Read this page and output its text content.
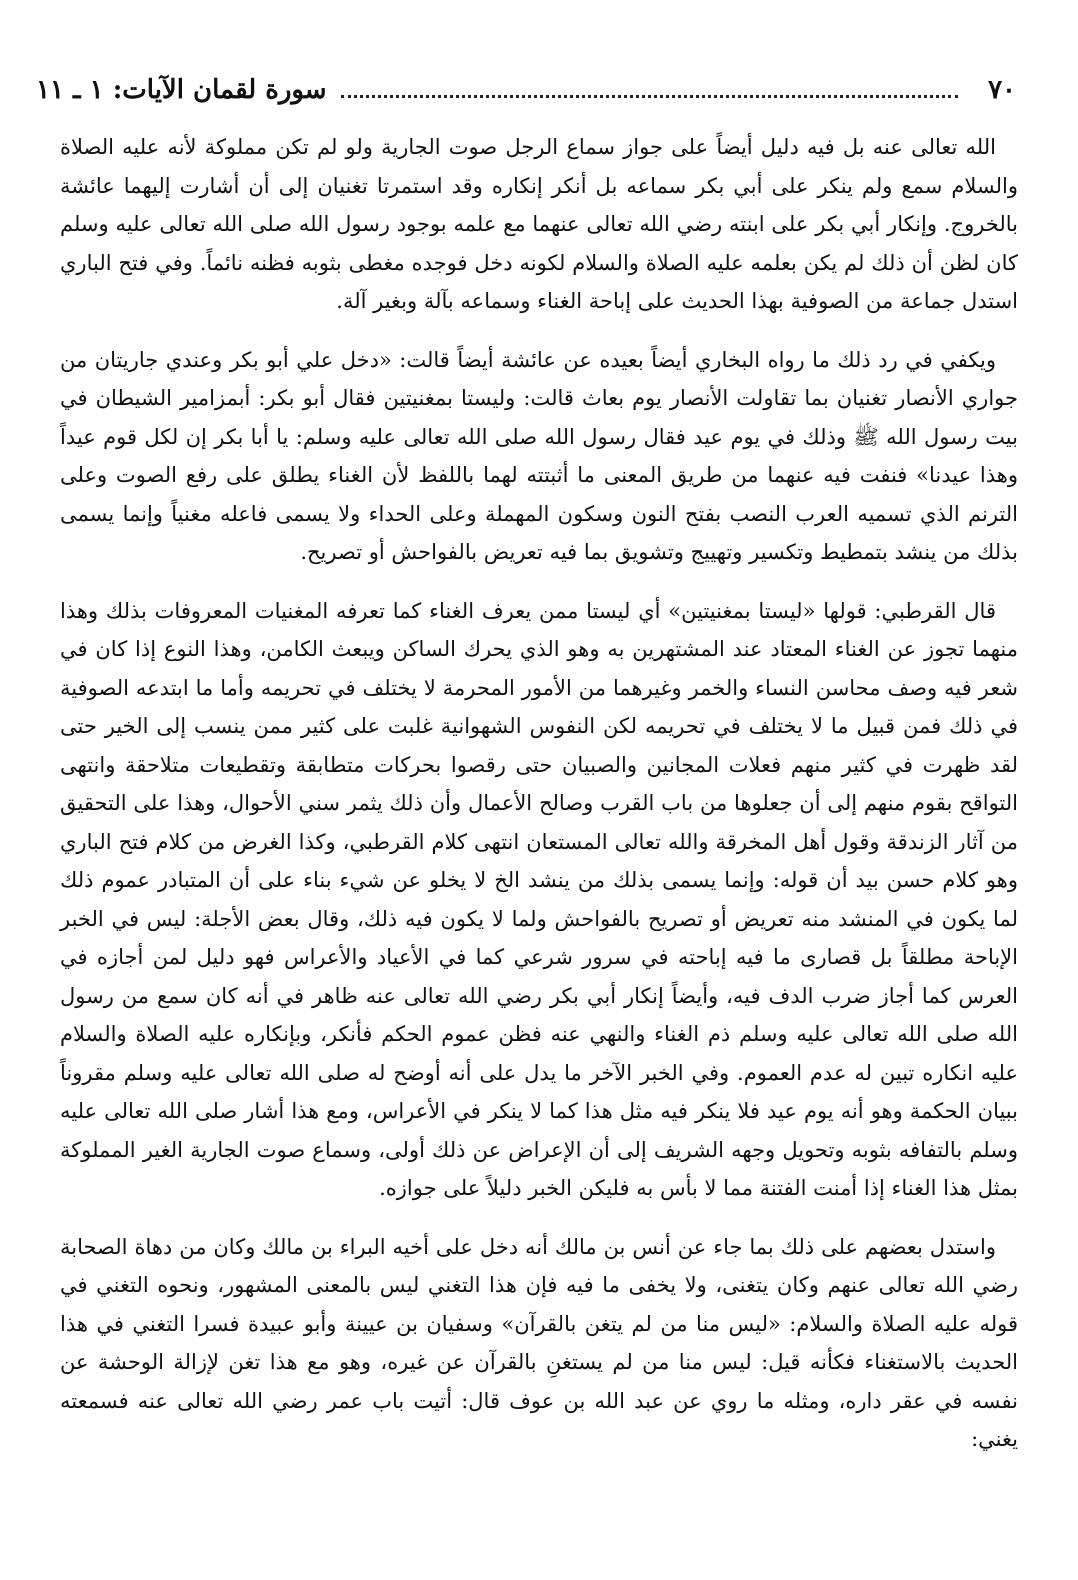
٧٠
سورة لقمان الآيات: ١ ـ ١١

الله تعالى عنه بل فيه دليل أيضاً على جواز سماع الرجل صوت الجارية ولو لم تكن مملوكة لأنه عليه الصلاة والسلام سمع ولم ينكر على أبي بكر سماعه بل أنكر إنكاره وقد استمرتا تغنيان إلى أن أشارت إليهما عائشة بالخروج. وإنكار أبي بكر على ابنته رضي الله تعالى عنهما مع علمه بوجود رسول الله صلى الله تعالى عليه وسلم كان لظن أن ذلك لم يكن بعلمه عليه الصلاة والسلام لكونه دخل فوجده مغطى بثوبه فظنه نائماً. وفي فتح الباري استدل جماعة من الصوفية بهذا الحديث على إباحة الغناء وسماعه بآلة وبغير آلة.

ويكفي في رد ذلك ما رواه البخاري أيضاً بعيده عن عائشة أيضاً قالت: «دخل علي أبو بكر وعندي جاريتان من جواري الأنصار تغنيان بما تقاولت الأنصار يوم بعاث قالت: وليستا بمغنيتين فقال أبو بكر: أبمزامير الشيطان في بيت رسول الله ﷺ وذلك في يوم عيد فقال رسول الله صلى الله تعالى عليه وسلم: يا أبا بكر إن لكل قوم عيداً وهذا عيدنا» فنفت فيه عنهما من طريق المعنى ما أثبتته لهما باللفظ لأن الغناء يطلق على رفع الصوت وعلى الترنم الذي تسميه العرب النصب بفتح النون وسكون المهملة وعلى الحداء ولا يسمى فاعله مغنياً وإنما يسمى بذلك من ينشد بتمطيط وتكسير وتهييج وتشويق بما فيه تعريض بالفواحش أو تصريح.

قال القرطبي: قولها «ليستا بمغنيتين» أي ليستا ممن يعرف الغناء كما تعرفه المغنيات المعروفات بذلك وهذا منهما تجوز عن الغناء المعتاد عند المشتهرين به وهو الذي يحرك الساكن ويبعث الكامن، وهذا النوع إذا كان في شعر فيه وصف محاسن النساء والخمر وغيرهما من الأمور المحرمة لا يختلف في تحريمه وأما ما ابتدعه الصوفية في ذلك فمن قبيل ما لا يختلف في تحريمه لكن النفوس الشهوانية غلبت على كثير ممن ينسب إلى الخير حتى لقد ظهرت في كثير منهم فعلات المجانين والصبيان حتى رقصوا بحركات متطابقة وتقطيعات متلاحقة وانتهى التواقح بقوم منهم إلى أن جعلوها من باب القرب وصالح الأعمال وأن ذلك يثمر سني الأحوال، وهذا على التحقيق من آثار الزندقة وقول أهل المخرقة والله تعالى المستعان انتهى كلام القرطبي، وكذا الغرض من كلام فتح الباري وهو كلام حسن بيد أن قوله: وإنما يسمى بذلك من ينشد الخ لا يخلو عن شيء بناء على أن المتبادر عموم ذلك لما يكون في المنشد منه تعريض أو تصريح بالفواحش ولما لا يكون فيه ذلك، وقال بعض الأجلة: ليس في الخبر الإباحة مطلقاً بل قصارى ما فيه إباحته في سرور شرعي كما في الأعياد والأعراس فهو دليل لمن أجازه في العرس كما أجاز ضرب الدف فيه، وأيضاً إنكار أبي بكر رضي الله تعالى عنه ظاهر في أنه كان سمع من رسول الله صلى الله تعالى عليه وسلم ذم الغناء والنهي عنه فظن عموم الحكم فأنكر، وبإنكاره عليه الصلاة والسلام عليه انكاره تبين له عدم العموم. وفي الخبر الآخر ما يدل على أنه أوضح له صلى الله تعالى عليه وسلم مقروناً ببيان الحكمة وهو أنه يوم عيد فلا ينكر فيه مثل هذا كما لا ينكر في الأعراس، ومع هذا أشار صلى الله تعالى عليه وسلم بالتفافه بثوبه وتحويل وجهه الشريف إلى أن الإعراض عن ذلك أولى، وسماع صوت الجارية الغير المملوكة بمثل هذا الغناء إذا أمنت الفتنة مما لا بأس به فليكن الخبر دليلاً على جوازه.

واستدل بعضهم على ذلك بما جاء عن أنس بن مالك أنه دخل على أخيه البراء بن مالك وكان من دهاة الصحابة رضي الله تعالى عنهم وكان يتغنى، ولا يخفى ما فيه فإن هذا التغني ليس بالمعنى المشهور، ونحوه التغني في قوله عليه الصلاة والسلام: «ليس منا من لم يتغن بالقرآن» وسفيان بن عيينة وأبو عبيدة فسرا التغني في هذا الحديث بالاستغناء فكأنه قيل: ليس منا من لم يستغنِ بالقرآن عن غيره، وهو مع هذا تغن لإزالة الوحشة عن نفسه في عقر داره، ومثله ما روي عن عبد الله بن عوف قال: أتيت باب عمر رضي الله تعالى عنه فسمعته يغني:
